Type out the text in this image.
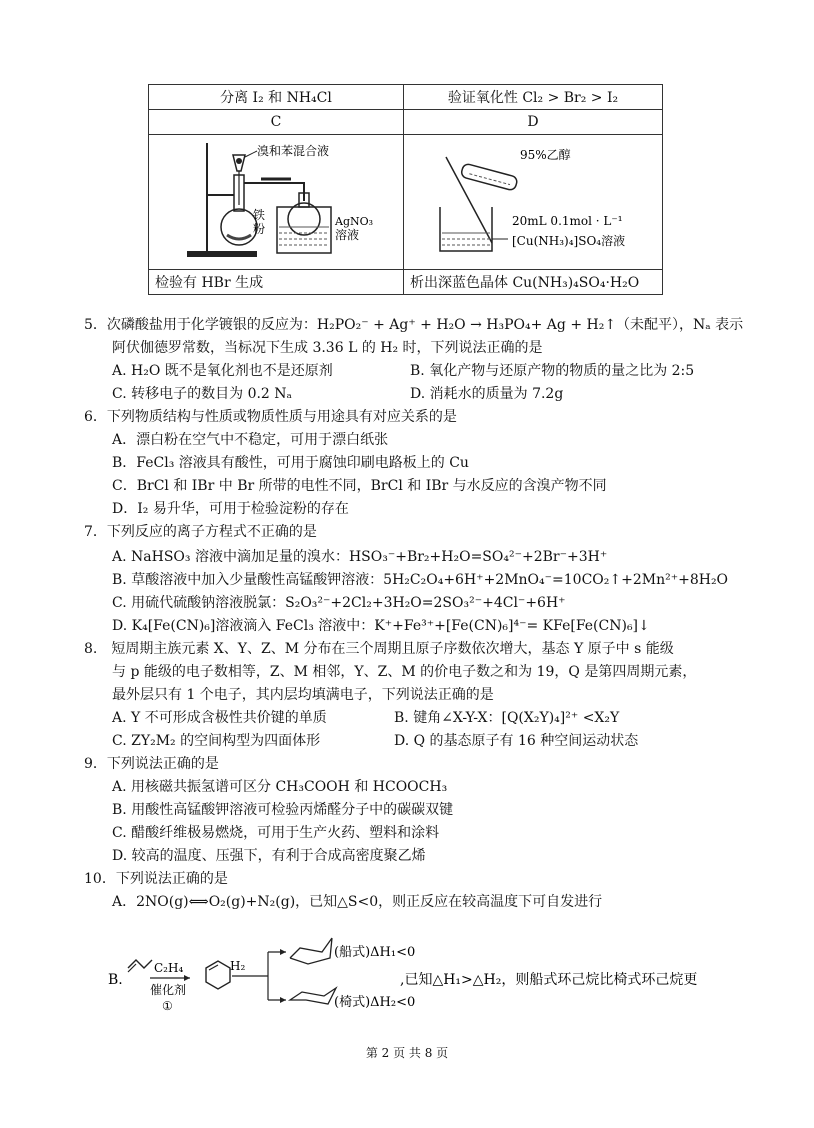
分离 I₂ 和 NH₄Cl	验证氧化性 Cl₂ > Br₂ > I₂
C	D

溴和苯混合液
铁
粉
AgNO₃
溶液	95%乙醇
20mL 0.1mol · L⁻¹
[Cu(NH₃)₄]SO₄溶液

检验有 HBr 生成	析出深蓝色晶体 Cu(NH₃)₄SO₄·H₂O
5．次磷酸盐用于化学镀银的反应为：H₂PO₂⁻ + Ag⁺ + H₂O → H₃PO₄+ Ag + H₂↑（未配平），Nₐ 表示
阿伏伽德罗常数，当标况下生成 3.36 L 的 H₂ 时，下列说法正确的是
A. H₂O 既不是氧化剂也不是还原剂	B. 氧化产物与还原产物的物质的量之比为 2:5
C. 转移电子的数目为 0.2 Nₐ	D. 消耗水的质量为 7.2g
6．下列物质结构与性质或物质性质与用途具有对应关系的是
A．漂白粉在空气中不稳定，可用于漂白纸张
B．FeCl₃ 溶液具有酸性，可用于腐蚀印刷电路板上的 Cu
C．BrCl 和 IBr 中 Br 所带的电性不同，BrCl 和 IBr 与水反应的含溴产物不同
D．I₂ 易升华，可用于检验淀粉的存在
7．下列反应的离子方程式不正确的是
A. NaHSO₃ 溶液中滴加足量的溴水：HSO₃⁻+Br₂+H₂O=SO₄²⁻+2Br⁻+3H⁺
B. 草酸溶液中加入少量酸性高锰酸钾溶液：5H₂C₂O₄+6H⁺+2MnO₄⁻=10CO₂↑+2Mn²⁺+8H₂O
C. 用硫代硫酸钠溶液脱氯：S₂O₃²⁻+2Cl₂+3H₂O=2SO₃²⁻+4Cl⁻+6H⁺
D. K₄[Fe(CN)₆]溶液滴入 FeCl₃ 溶液中：K⁺+Fe³⁺+[Fe(CN)₆]⁴⁻= KFe[Fe(CN)₆]↓
8.　短周期主族元素 X、Y、Z、M 分布在三个周期且原子序数依次增大，基态 Y 原子中 s 能级
与 p 能级的电子数相等，Z、M 相邻，Y、Z、M 的价电子数之和为 19，Q 是第四周期元素，
最外层只有 1 个电子，其内层均填满电子，下列说法正确的是
A. Y 不可形成含极性共价键的单质	B. 键角∠X-Y-X：[Q(X₂Y)₄]²⁺ <X₂Y
C. ZY₂M₂ 的空间构型为四面体形	D. Q 的基态原子有 16 种空间运动状态
9．下列说法正确的是
A. 用核磁共振氢谱可区分 CH₃COOH 和 HCOOCH₃
B. 用酸性高锰酸钾溶液可检验丙烯醛分子中的碳碳双键
C. 醋酸纤维极易燃烧，可用于生产火药、塑料和涂料
D. 较高的温度、压强下，有利于合成高密度聚乙烯
10．下列说法正确的是
A．2NO(g)⟺O₂(g)+N₂(g)，已知△S<0，则正反应在较高温度下可自发进行
B.
C₂H₄
催化剂
①
H₂
(船式)ΔH₁<0
(椅式)ΔH₂<0
,已知△H₁>△H₂，则船式环己烷比椅式环己烷更
第 2 页 共 8 页
